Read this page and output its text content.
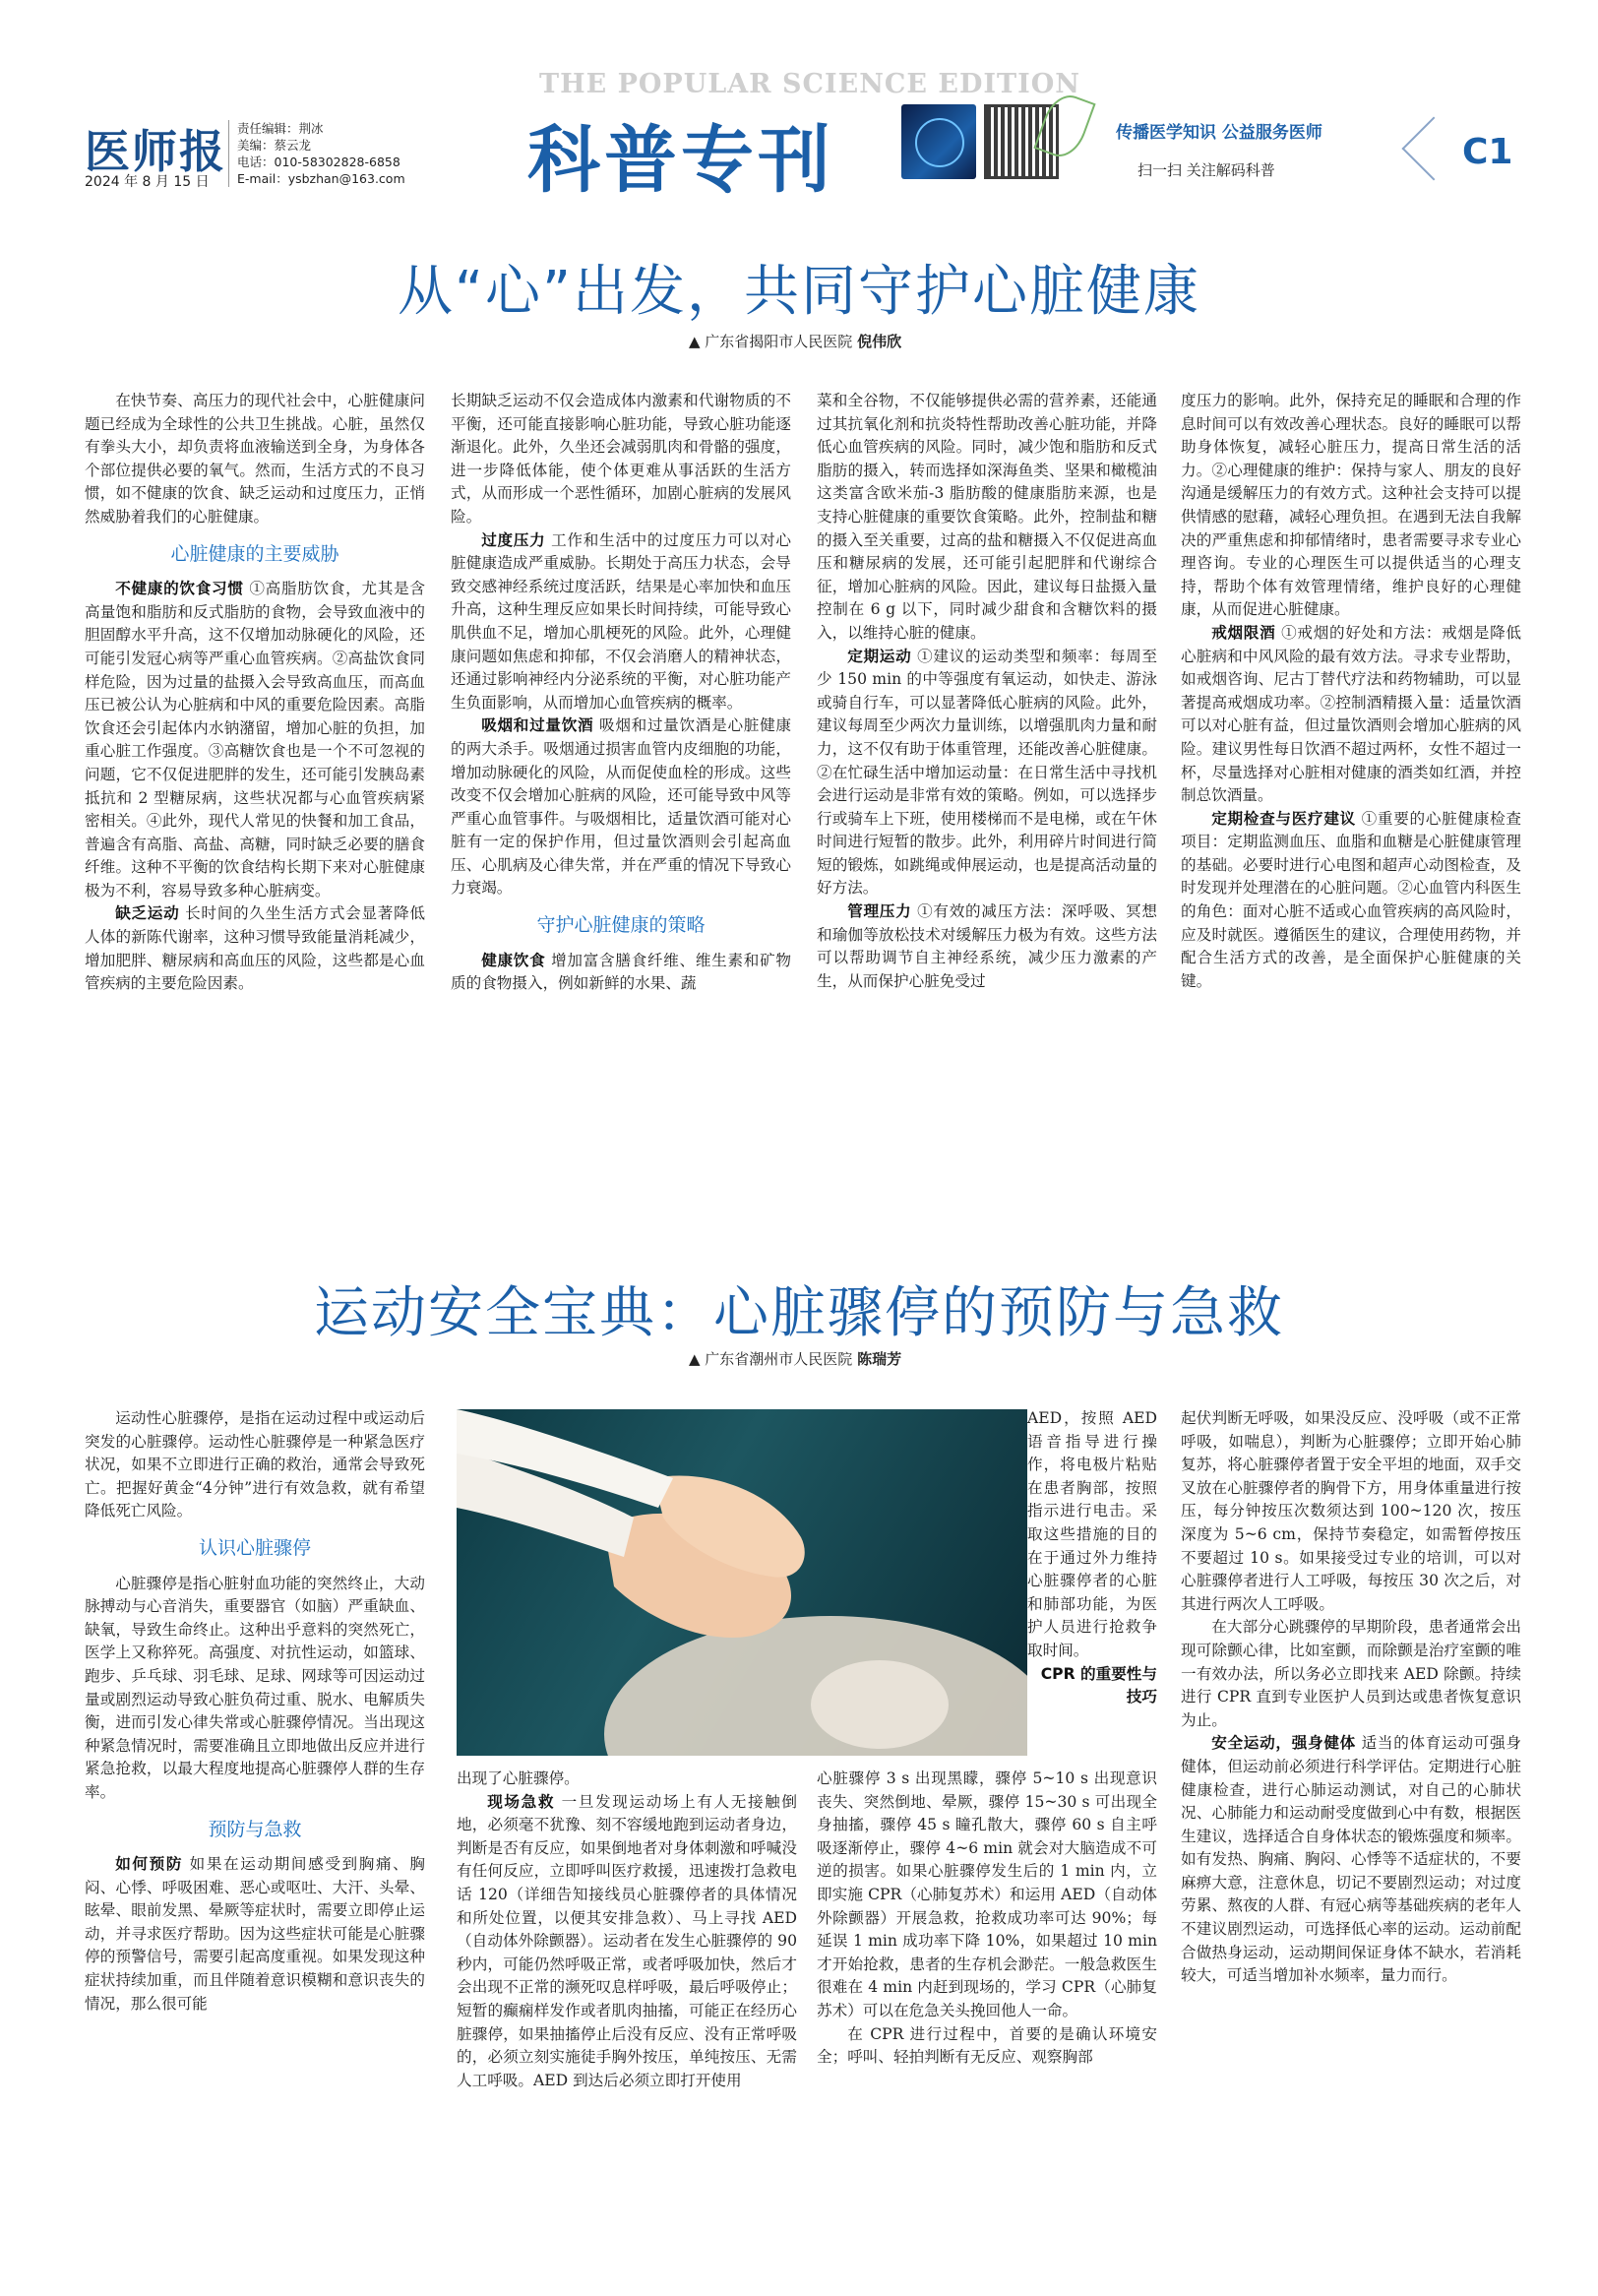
医师报
2024 年 8 月 15 日
责任编辑：荆冰
美编：蔡云龙
电话：010-58302828-6858
E-mail：ysbzhan@163.com
THE POPULAR SCIENCE EDITION
科普专刊	传播医学知识 公益服务医师
扫一扫 关注解码科普	C1
从“心”出发，共同守护心脏健康
▲ 广东省揭阳市人民医院 倪伟欣

在快节奏、高压力的现代社会中，心脏健康问题已经成为全球性的公共卫生挑战。心脏，虽然仅有拳头大小，却负责将血液输送到全身，为身体各个部位提供必要的氧气。然而，生活方式的不良习惯，如不健康的饮食、缺乏运动和过度压力，正悄然威胁着我们的心脏健康。

心脏健康的主要威胁

不健康的饮食习惯 ①高脂肪饮食，尤其是含高量饱和脂肪和反式脂肪的食物，会导致血液中的胆固醇水平升高，这不仅增加动脉硬化的风险，还可能引发冠心病等严重心血管疾病。②高盐饮食同样危险，因为过量的盐摄入会导致高血压，而高血压已被公认为心脏病和中风的重要危险因素。高脂饮食还会引起体内水钠潴留，增加心脏的负担，加重心脏工作强度。③高糖饮食也是一个不可忽视的问题，它不仅促进肥胖的发生，还可能引发胰岛素抵抗和 2 型糖尿病，这些状况都与心血管疾病紧密相关。④此外，现代人常见的快餐和加工食品，普遍含有高脂、高盐、高糖，同时缺乏必要的膳食纤维。这种不平衡的饮食结构长期下来对心脏健康极为不利，容易导致多种心脏病变。

缺乏运动 长时间的久坐生活方式会显著降低人体的新陈代谢率，这种习惯导致能量消耗减少，增加肥胖、糖尿病和高血压的风险，这些都是心血管疾病的主要危险因素。

长期缺乏运动不仅会造成体内激素和代谢物质的不平衡，还可能直接影响心脏功能，导致心脏功能逐渐退化。此外，久坐还会减弱肌肉和骨骼的强度，进一步降低体能，使个体更难从事活跃的生活方式，从而形成一个恶性循环，加剧心脏病的发展风险。

过度压力 工作和生活中的过度压力可以对心脏健康造成严重威胁。长期处于高压力状态，会导致交感神经系统过度活跃，结果是心率加快和血压升高，这种生理反应如果长时间持续，可能导致心肌供血不足，增加心肌梗死的风险。此外，心理健康问题如焦虑和抑郁，不仅会消磨人的精神状态，还通过影响神经内分泌系统的平衡，对心脏功能产生负面影响，从而增加心血管疾病的概率。

吸烟和过量饮酒 吸烟和过量饮酒是心脏健康的两大杀手。吸烟通过损害血管内皮细胞的功能，增加动脉硬化的风险，从而促使血栓的形成。这些改变不仅会增加心脏病的风险，还可能导致中风等严重心血管事件。与吸烟相比，适量饮酒可能对心脏有一定的保护作用，但过量饮酒则会引起高血压、心肌病及心律失常，并在严重的情况下导致心力衰竭。

守护心脏健康的策略

健康饮食 增加富含膳食纤维、维生素和矿物质的食物摄入，例如新鲜的水果、蔬

菜和全谷物，不仅能够提供必需的营养素，还能通过其抗氧化剂和抗炎特性帮助改善心脏功能，并降低心血管疾病的风险。同时，减少饱和脂肪和反式脂肪的摄入，转而选择如深海鱼类、坚果和橄榄油这类富含欧米茄-3 脂肪酸的健康脂肪来源，也是支持心脏健康的重要饮食策略。此外，控制盐和糖的摄入至关重要，过高的盐和糖摄入不仅促进高血压和糖尿病的发展，还可能引起肥胖和代谢综合征，增加心脏病的风险。因此，建议每日盐摄入量控制在 6 g 以下，同时减少甜食和含糖饮料的摄入，以维持心脏的健康。

定期运动 ①建议的运动类型和频率：每周至少 150 min 的中等强度有氧运动，如快走、游泳或骑自行车，可以显著降低心脏病的风险。此外，建议每周至少两次力量训练，以增强肌肉力量和耐力，这不仅有助于体重管理，还能改善心脏健康。②在忙碌生活中增加运动量：在日常生活中寻找机会进行运动是非常有效的策略。例如，可以选择步行或骑车上下班，使用楼梯而不是电梯，或在午休时间进行短暂的散步。此外，利用碎片时间进行简短的锻炼，如跳绳或伸展运动，也是提高活动量的好方法。

管理压力 ①有效的减压方法：深呼吸、冥想和瑜伽等放松技术对缓解压力极为有效。这些方法可以帮助调节自主神经系统，减少压力激素的产生，从而保护心脏免受过

度压力的影响。此外，保持充足的睡眠和合理的作息时间可以有效改善心理状态。良好的睡眠可以帮助身体恢复，减轻心脏压力，提高日常生活的活力。②心理健康的维护：保持与家人、朋友的良好沟通是缓解压力的有效方式。这种社会支持可以提供情感的慰藉，减轻心理负担。在遇到无法自我解决的严重焦虑和抑郁情绪时，患者需要寻求专业心理咨询。专业的心理医生可以提供适当的心理支持，帮助个体有效管理情绪，维护良好的心理健康，从而促进心脏健康。

戒烟限酒 ①戒烟的好处和方法：戒烟是降低心脏病和中风风险的最有效方法。寻求专业帮助，如戒烟咨询、尼古丁替代疗法和药物辅助，可以显著提高戒烟成功率。②控制酒精摄入量：适量饮酒可以对心脏有益，但过量饮酒则会增加心脏病的风险。建议男性每日饮酒不超过两杯，女性不超过一杯，尽量选择对心脏相对健康的酒类如红酒，并控制总饮酒量。

定期检查与医疗建议 ①重要的心脏健康检查项目：定期监测血压、血脂和血糖是心脏健康管理的基础。必要时进行心电图和超声心动图检查，及时发现并处理潜在的心脏问题。②心血管内科医生的角色：面对心脏不适或心血管疾病的高风险时，应及时就医。遵循医生的建议，合理使用药物，并配合生活方式的改善，是全面保护心脏健康的关键。

运动安全宝典：心脏骤停的预防与急救
▲ 广东省潮州市人民医院 陈瑞芳

运动性心脏骤停，是指在运动过程中或运动后突发的心脏骤停。运动性心脏骤停是一种紧急医疗状况，如果不立即进行正确的救治，通常会导致死亡。把握好黄金“4分钟”进行有效急救，就有希望降低死亡风险。

认识心脏骤停

心脏骤停是指心脏射血功能的突然终止，大动脉搏动与心音消失，重要器官（如脑）严重缺血、缺氧，导致生命终止。这种出乎意料的突然死亡，医学上又称猝死。高强度、对抗性运动，如篮球、跑步、乒乓球、羽毛球、足球、网球等可因运动过量或剧烈运动导致心脏负荷过重、脱水、电解质失衡，进而引发心律失常或心脏骤停情况。当出现这种紧急情况时，需要准确且立即地做出反应并进行紧急抢救，以最大程度地提高心脏骤停人群的生存率。

预防与急救

如何预防 如果在运动期间感受到胸痛、胸闷、心悸、呼吸困难、恶心或呕吐、大汗、头晕、眩晕、眼前发黑、晕厥等症状时，需要立即停止运动，并寻求医疗帮助。因为这些症状可能是心脏骤停的预警信号，需要引起高度重视。如果发现这种症状持续加重，而且伴随着意识模糊和意识丧失的情况，那么很可能

出现了心脏骤停。

现场急救 一旦发现运动场上有人无接触倒地，必须毫不犹豫、刻不容缓地跑到运动者身边，判断是否有反应，如果倒地者对身体刺激和呼喊没有任何反应，立即呼叫医疗救援，迅速拨打急救电话 120（详细告知接线员心脏骤停者的具体情况和所处位置，以便其安排急救）、马上寻找 AED（自动体外除颤器）。运动者在发生心脏骤停的 90 秒内，可能仍然呼吸正常，或者呼吸加快，然后才会出现不正常的濒死叹息样呼吸，最后呼吸停止；短暂的癫痫样发作或者肌肉抽搐，可能正在经历心脏骤停，如果抽搐停止后没有反应、没有正常呼吸的，必须立刻实施徒手胸外按压，单纯按压、无需人工呼吸。AED 到达后必须立即打开使用

AED，按照 AED 语音指导进行操作，将电极片粘贴在患者胸部，按照指示进行电击。采取这些措施的目的在于通过外力维持心脏骤停者的心脏和肺部功能，为医护人员进行抢救争取时间。

CPR 的重要性与技巧

心脏骤停 3 s 出现黑矇，骤停 5~10 s 出现意识丧失、突然倒地、晕厥，骤停 15~30 s 可出现全身抽搐，骤停 45 s 瞳孔散大，骤停 60 s 自主呼吸逐渐停止，骤停 4~6 min 就会对大脑造成不可逆的损害。如果心脏骤停发生后的 1 min 内，立即实施 CPR（心肺复苏术）和运用 AED（自动体外除颤器）开展急救，抢救成功率可达 90%；每延误 1 min 成功率下降 10%，如果超过 10 min 才开始抢救，患者的生存机会渺茫。一般急救医生很难在 4 min 内赶到现场的，学习 CPR（心肺复苏术）可以在危急关头挽回他人一命。

在 CPR 进行过程中，首要的是确认环境安全；呼叫、轻拍判断有无反应、观察胸部

起伏判断无呼吸，如果没反应、没呼吸（或不正常呼吸，如喘息），判断为心脏骤停；立即开始心肺复苏，将心脏骤停者置于安全平坦的地面，双手交叉放在心脏骤停者的胸骨下方，用身体重量进行按压，每分钟按压次数须达到 100~120 次，按压深度为 5~6 cm，保持节奏稳定，如需暂停按压不要超过 10 s。如果接受过专业的培训，可以对心脏骤停者进行人工呼吸，每按压 30 次之后，对其进行两次人工呼吸。

在大部分心跳骤停的早期阶段，患者通常会出现可除颤心律，比如室颤，而除颤是治疗室颤的唯一有效办法，所以务必立即找来 AED 除颤。持续进行 CPR 直到专业医护人员到达或患者恢复意识为止。

安全运动，强身健体 适当的体育运动可强身健体，但运动前必须进行科学评估。定期进行心脏健康检查，进行心肺运动测试，对自己的心肺状况、心肺能力和运动耐受度做到心中有数，根据医生建议，选择适合自身体状态的锻炼强度和频率。如有发热、胸痛、胸闷、心悸等不适症状的，不要麻痹大意，注意休息，切记不要剧烈运动；对过度劳累、熬夜的人群、有冠心病等基础疾病的老年人不建议剧烈运动，可选择低心率的运动。运动前配合做热身运动，运动期间保证身体不缺水，若消耗较大，可适当增加补水频率，量力而行。
